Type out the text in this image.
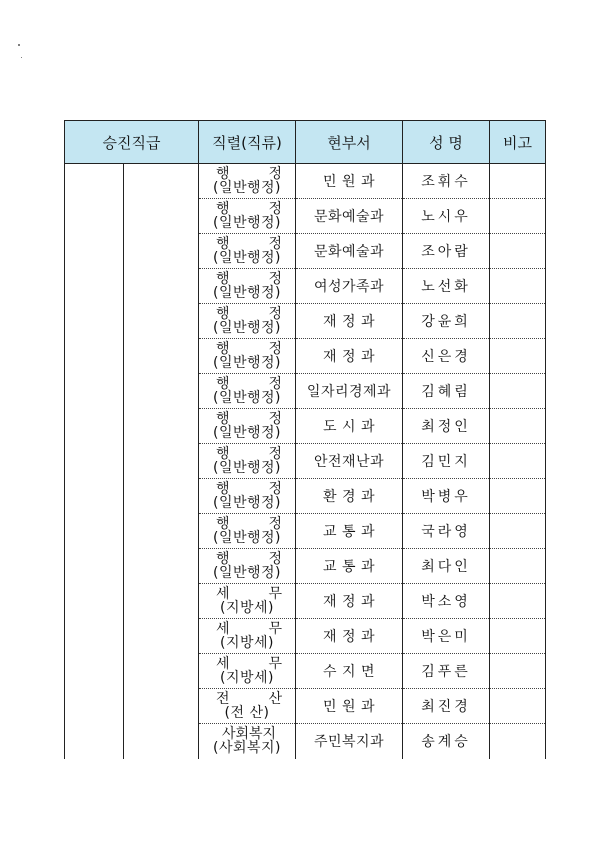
승진직급		직렬(직류)	현부서	성 명	비고

		행 정
(일반행정)	민 원 과	조휘수	

		행 정
(일반행정)	문화예술과	노시우	

		행 정
(일반행정)	문화예술과	조아람	

		행 정
(일반행정)	여성가족과	노선화	

		행 정
(일반행정)	재 정 과	강윤희	

		행 정
(일반행정)	재 정 과	신은경	

		행 정
(일반행정)	일자리경제과	김혜림	

		행 정
(일반행정)	도 시 과	최정인	

		행 정
(일반행정)	안전재난과	김민지	

		행 정
(일반행정)	환 경 과	박병우	

		행 정
(일반행정)	교 통 과	국라영	

		행 정
(일반행정)	교 통 과	최다인	

		세 무
(지방세)	재 정 과	박소영	

		세 무
(지방세)	재 정 과	박은미	

		세 무
(지방세)	수 지 면	김푸른	

		전 산
(전 산)	민 원 과	최진경	

		사회복지
(사회복지)	주민복지과	송계승	
